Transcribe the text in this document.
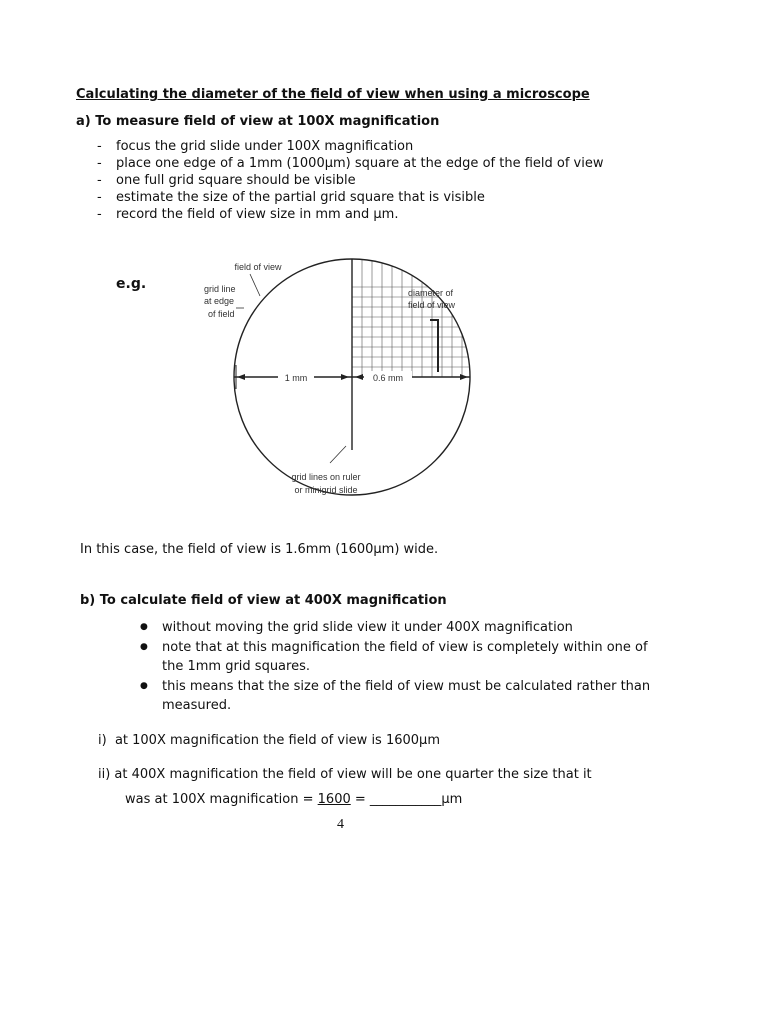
Calculating the diameter of the field of view when using a microscope
a) To measure field of view at 100X magnification
- focus the grid slide under 100X magnification
- place one edge of a 1mm (1000μm) square at the edge of the field of view
- one full grid square should be visible
- estimate the size of the partial grid square that is visible
- record the field of view size in mm and μm.
e.g.
1 mm	0.6 mm
field of view
grid line
at edge
of field
diameter of
field of view
grid lines on ruler
or minigrid slide
In this case, the field of view is 1.6mm (1600μm) wide.
b) To calculate field of view at 400X magnification
● without moving the grid slide view it under 400X magnification
● note that at this magnification the field of view is completely within one of the 1mm grid squares.
● this means that the size of the field of view must be calculated rather than measured.
i)  at 100X magnification the field of view is 1600μm
ii) at 400X magnification the field of view will be one quarter the size that it
was at 100X magnification = 1600 = ___________μm
4
